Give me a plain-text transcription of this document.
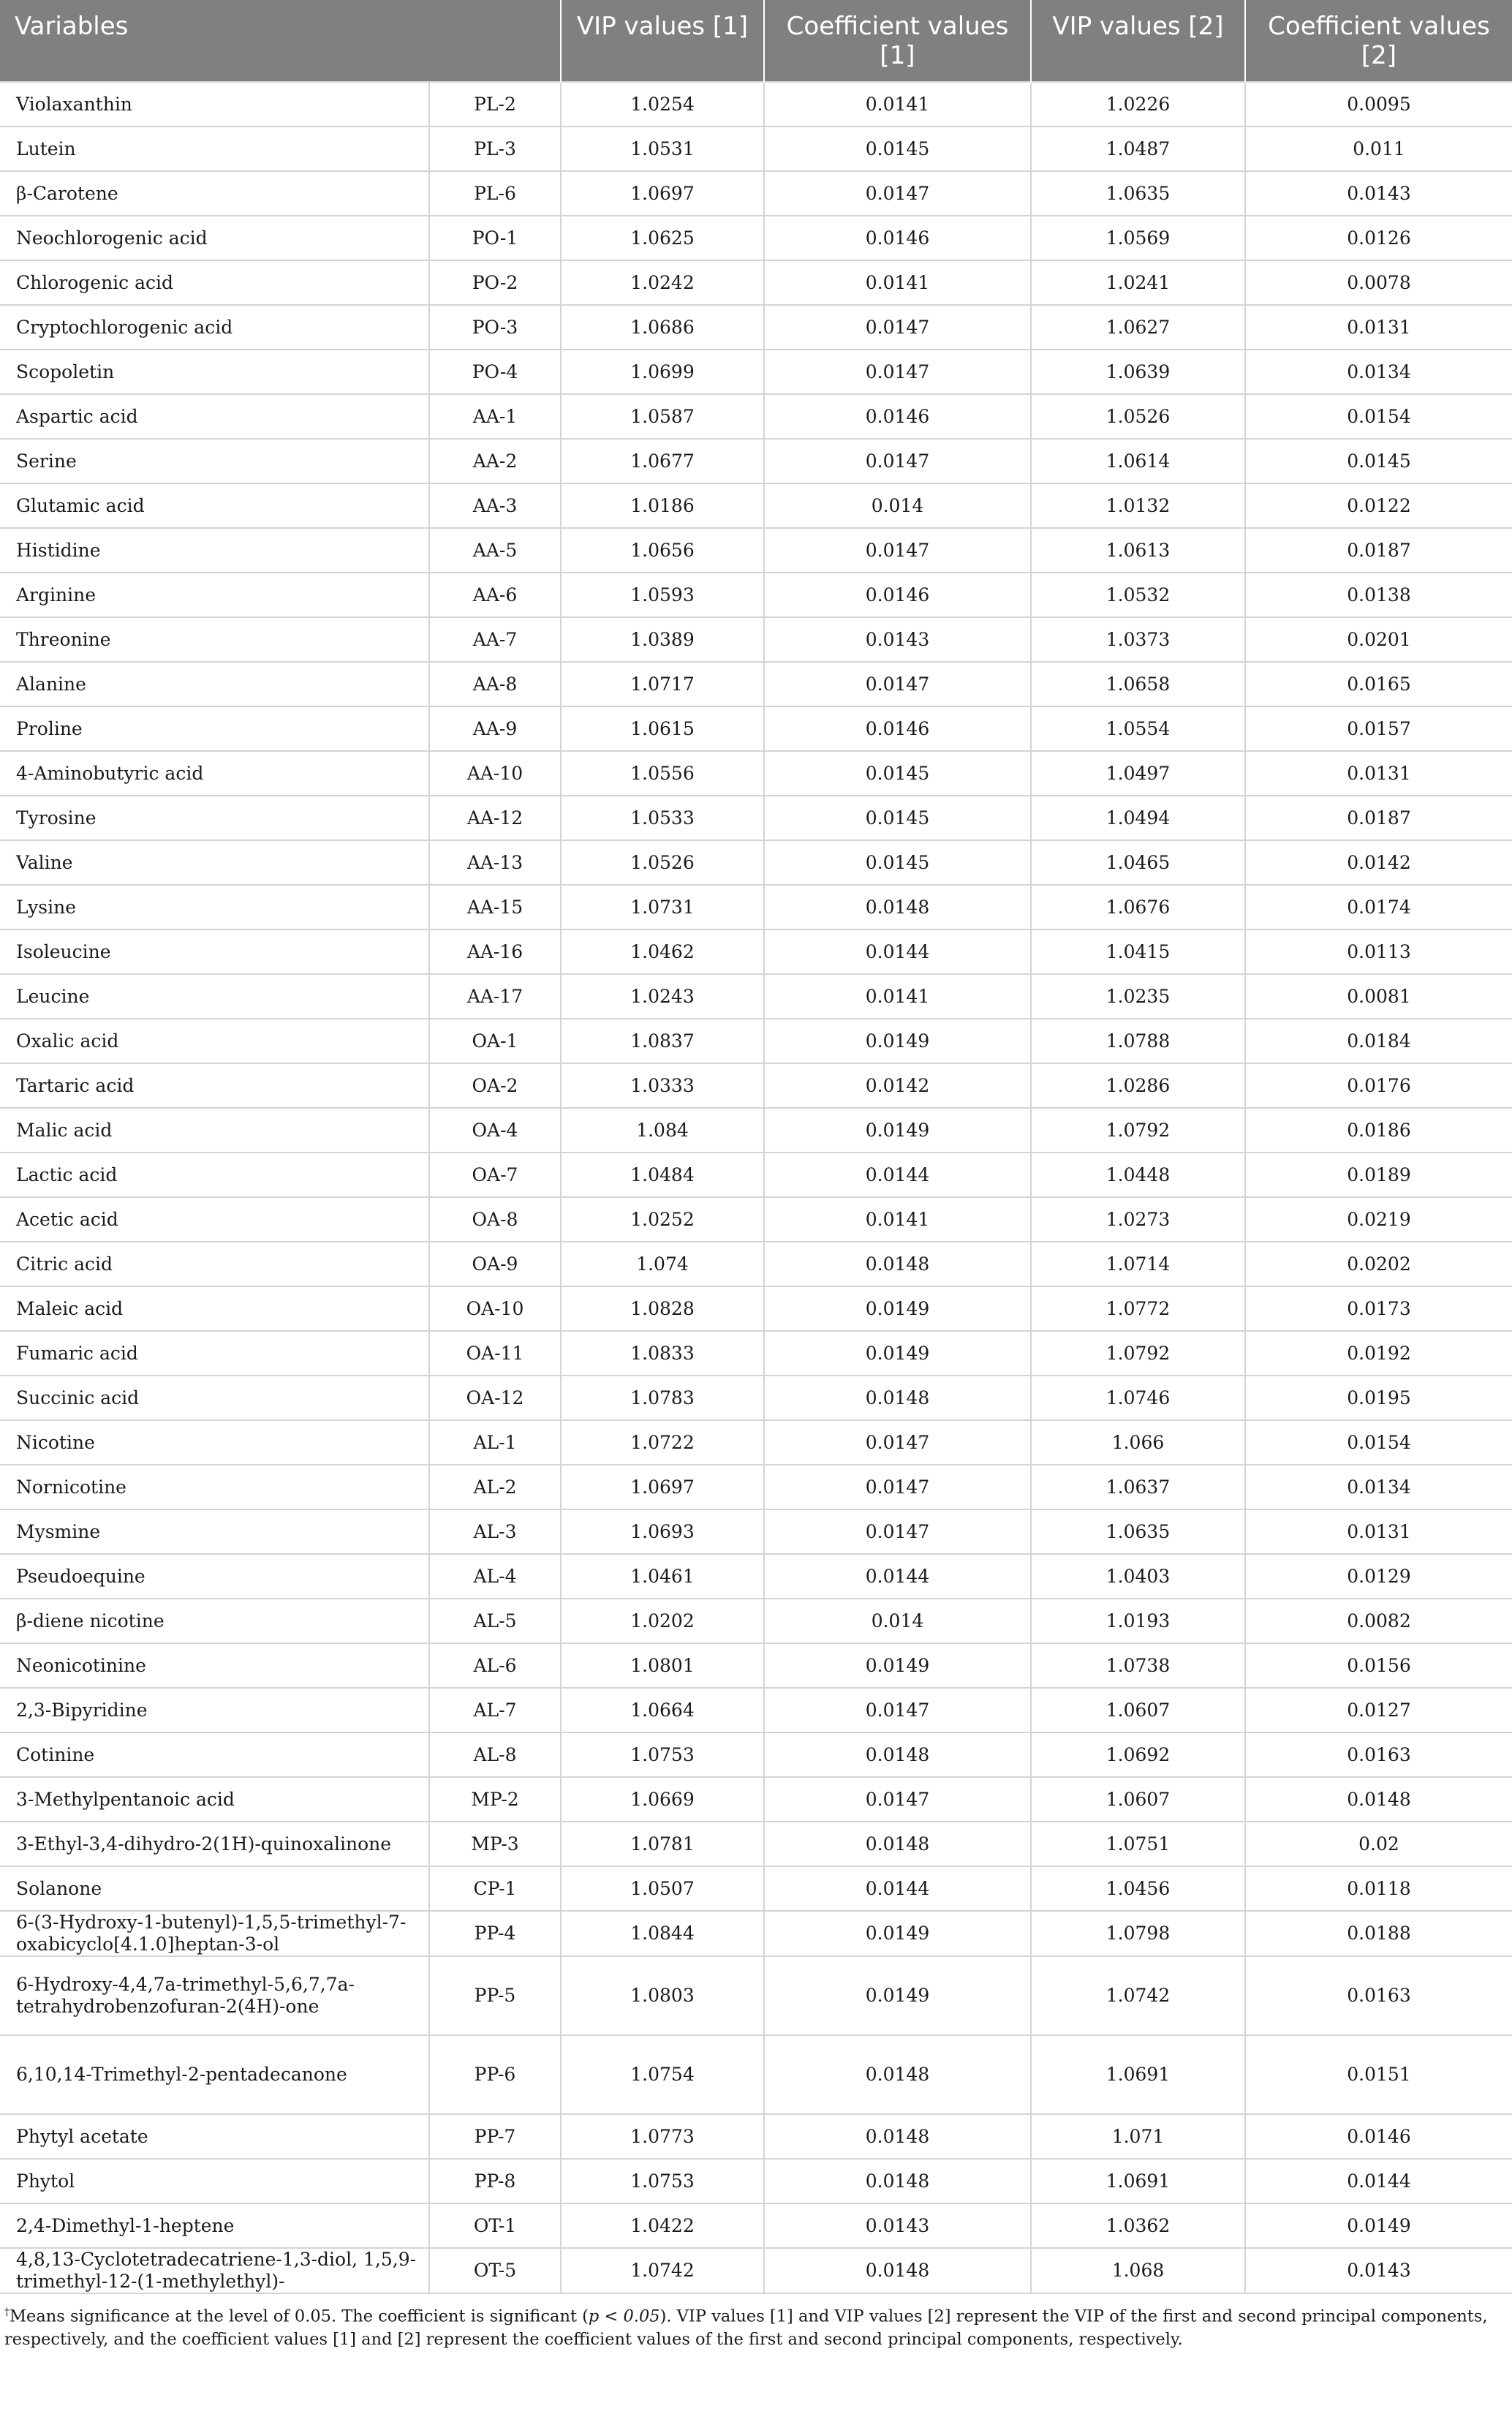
Variables		VIP values [1]	Coefficient values [1]	VIP values [2]	Coefficient values [2]
Violaxanthin	PL-2	1.0254	0.0141	1.0226	0.0095
Lutein	PL-3	1.0531	0.0145	1.0487	0.011
β-Carotene	PL-6	1.0697	0.0147	1.0635	0.0143
Neochlorogenic acid	PO-1	1.0625	0.0146	1.0569	0.0126
Chlorogenic acid	PO-2	1.0242	0.0141	1.0241	0.0078
Cryptochlorogenic acid	PO-3	1.0686	0.0147	1.0627	0.0131
Scopoletin	PO-4	1.0699	0.0147	1.0639	0.0134
Aspartic acid	AA-1	1.0587	0.0146	1.0526	0.0154
Serine	AA-2	1.0677	0.0147	1.0614	0.0145
Glutamic acid	AA-3	1.0186	0.014	1.0132	0.0122
Histidine	AA-5	1.0656	0.0147	1.0613	0.0187
Arginine	AA-6	1.0593	0.0146	1.0532	0.0138
Threonine	AA-7	1.0389	0.0143	1.0373	0.0201
Alanine	AA-8	1.0717	0.0147	1.0658	0.0165
Proline	AA-9	1.0615	0.0146	1.0554	0.0157
4-Aminobutyric acid	AA-10	1.0556	0.0145	1.0497	0.0131
Tyrosine	AA-12	1.0533	0.0145	1.0494	0.0187
Valine	AA-13	1.0526	0.0145	1.0465	0.0142
Lysine	AA-15	1.0731	0.0148	1.0676	0.0174
Isoleucine	AA-16	1.0462	0.0144	1.0415	0.0113
Leucine	AA-17	1.0243	0.0141	1.0235	0.0081
Oxalic acid	OA-1	1.0837	0.0149	1.0788	0.0184
Tartaric acid	OA-2	1.0333	0.0142	1.0286	0.0176
Malic acid	OA-4	1.084	0.0149	1.0792	0.0186
Lactic acid	OA-7	1.0484	0.0144	1.0448	0.0189
Acetic acid	OA-8	1.0252	0.0141	1.0273	0.0219
Citric acid	OA-9	1.074	0.0148	1.0714	0.0202
Maleic acid	OA-10	1.0828	0.0149	1.0772	0.0173
Fumaric acid	OA-11	1.0833	0.0149	1.0792	0.0192
Succinic acid	OA-12	1.0783	0.0148	1.0746	0.0195
Nicotine	AL-1	1.0722	0.0147	1.066	0.0154
Nornicotine	AL-2	1.0697	0.0147	1.0637	0.0134
Mysmine	AL-3	1.0693	0.0147	1.0635	0.0131
Pseudoequine	AL-4	1.0461	0.0144	1.0403	0.0129
β-diene nicotine	AL-5	1.0202	0.014	1.0193	0.0082
Neonicotinine	AL-6	1.0801	0.0149	1.0738	0.0156
2,3-Bipyridine	AL-7	1.0664	0.0147	1.0607	0.0127
Cotinine	AL-8	1.0753	0.0148	1.0692	0.0163
3-Methylpentanoic acid	MP-2	1.0669	0.0147	1.0607	0.0148
3-Ethyl-3,4-dihydro-2(1H)-quinoxalinone	MP-3	1.0781	0.0148	1.0751	0.02
Solanone	CP-1	1.0507	0.0144	1.0456	0.0118
6-(3-Hydroxy-1-butenyl)-1,5,5-trimethyl-7-oxabicyclo[4.1.0]heptan-3-ol	PP-4	1.0844	0.0149	1.0798	0.0188
6-Hydroxy-4,4,7a-trimethyl-5,6,7,7a-tetrahydrobenzofuran-2(4H)-one	PP-5	1.0803	0.0149	1.0742	0.0163
6,10,14-Trimethyl-2-pentadecanone	PP-6	1.0754	0.0148	1.0691	0.0151
Phytyl acetate	PP-7	1.0773	0.0148	1.071	0.0146
Phytol	PP-8	1.0753	0.0148	1.0691	0.0144
2,4-Dimethyl-1-heptene	OT-1	1.0422	0.0143	1.0362	0.0149
4,8,13-Cyclotetradecatriene-1,3-diol, 1,5,9-trimethyl-12-(1-methylethyl)-	OT-5	1.0742	0.0148	1.068	0.0143
†Means significance at the level of 0.05. The coefficient is significant (p < 0.05). VIP values [1] and VIP values [2] represent the VIP of the first and second principal components, respectively, and the coefficient values [1] and [2] represent the coefficient values of the first and second principal components, respectively.
